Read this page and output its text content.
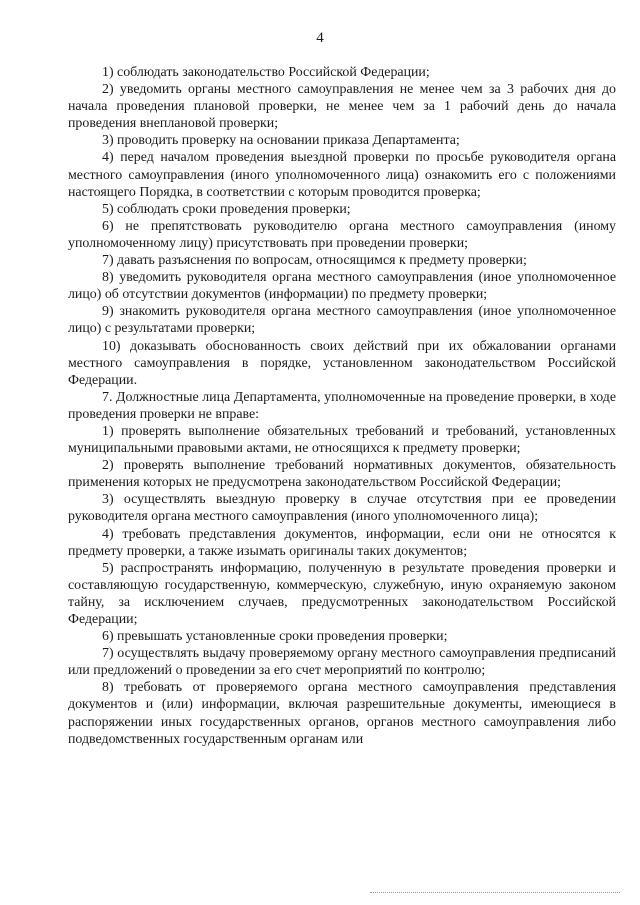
4

1) соблюдать законодательство Российской Федерации;

2) уведомить органы местного самоуправления не менее чем за 3 рабочих дня до начала проведения плановой проверки, не менее чем за 1 рабочий день до начала проведения внеплановой проверки;

3) проводить проверку на основании приказа Департамента;

4) перед началом проведения выездной проверки по просьбе руководителя органа местного самоуправления (иного уполномоченного лица) ознакомить его с положениями настоящего Порядка, в соответствии с которым проводится проверка;

5) соблюдать сроки проведения проверки;

6) не препятствовать руководителю органа местного самоуправления (иному уполномоченному лицу) присутствовать при проведении проверки;

7) давать разъяснения по вопросам, относящимся к предмету проверки;

8) уведомить руководителя органа местного самоуправления (иное уполномоченное лицо) об отсутствии документов (информации) по предмету проверки;

9) знакомить руководителя органа местного самоуправления (иное уполномоченное лицо) с результатами проверки;

10) доказывать обоснованность своих действий при их обжаловании органами местного самоуправления в порядке, установленном законодательством Российской Федерации.

7. Должностные лица Департамента, уполномоченные на проведение проверки, в ходе проведения проверки не вправе:

1) проверять выполнение обязательных требований и требований, установленных муниципальными правовыми актами, не относящихся к предмету проверки;

2) проверять выполнение требований нормативных документов, обязательность применения которых не предусмотрена законодательством Российской Федерации;

3) осуществлять выездную проверку в случае отсутствия при ее проведении руководителя органа местного самоуправления (иного уполномоченного лица);

4) требовать представления документов, информации, если они не относятся к предмету проверки, а также изымать оригиналы таких документов;

5) распространять информацию, полученную в результате проведения проверки и составляющую государственную, коммерческую, служебную, иную охраняемую законом тайну, за исключением случаев, предусмотренных законодательством Российской Федерации;

6) превышать установленные сроки проведения проверки;

7) осуществлять выдачу проверяемому органу местного самоуправления предписаний или предложений о проведении за его счет мероприятий по контролю;

8) требовать от проверяемого органа местного самоуправления представления документов и (или) информации, включая разрешительные документы, имеющиеся в распоряжении иных государственных органов, органов местного самоуправления либо подведомственных государственным органам или
